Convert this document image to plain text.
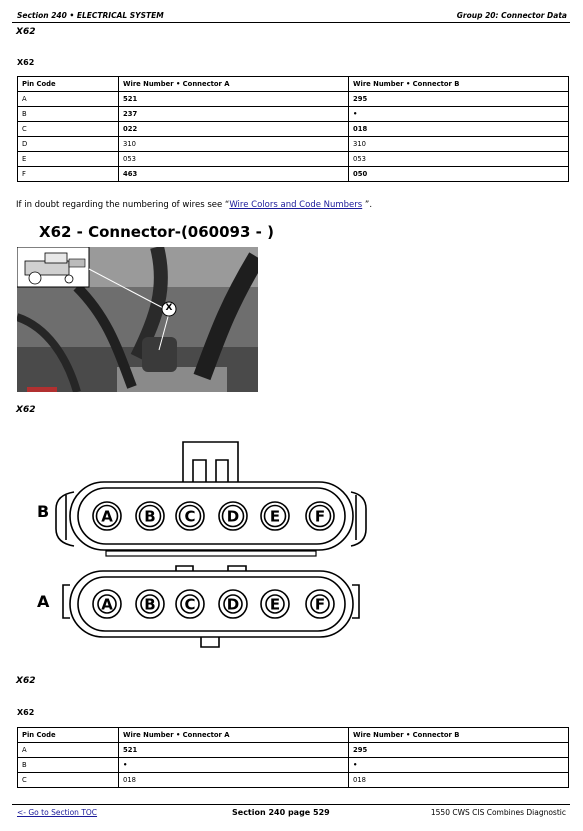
Section 240 • ELECTRICAL SYSTEM	Group 20: Connector Data
X62
X62
Pin Code	Wire Number • Connector A	Wire Number • Connector B
A	521	295
B	237	•
C	022	018
D	310	310
E	053	053
F	463	050
If in doubt regarding the numbering of wires see “Wire Colors and Code Numbers ”.
X62 - Connector-(060093 - )
X
X62
A B C D E F
A B C D E F
B
A
X62
X62
Pin Code	Wire Number • Connector A	Wire Number • Connector B
A	521	295
B	•	•
C	018	018
<- Go to Section TOC	Section 240 page 529	1550 CWS CIS Combines Diagnostic
